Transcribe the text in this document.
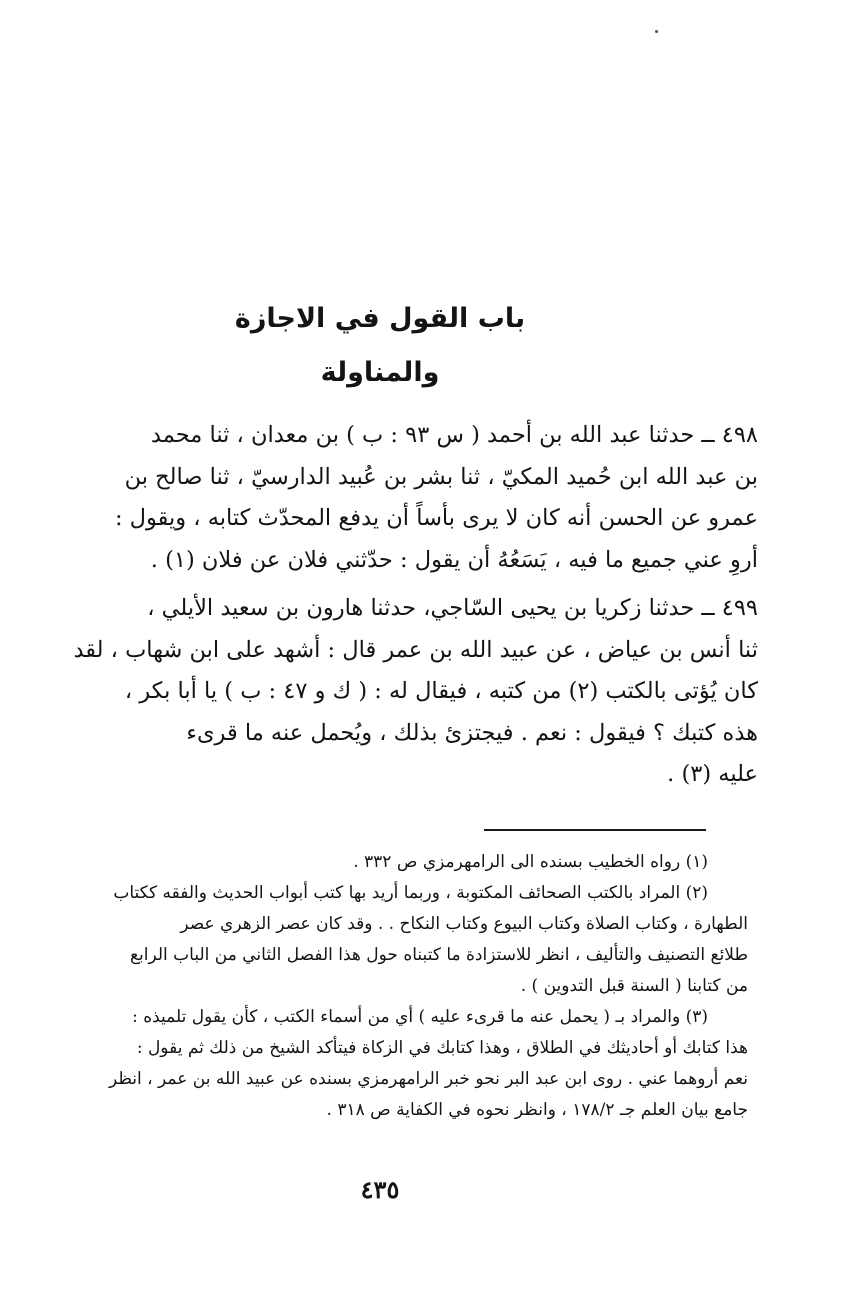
باب القول في الاجازة والمناولة
٤٩٨ ــ حدثنا عبد الله بن أحمد ( س ٩٣ : ب ) بن معدان ، ثنا محمد
بن عبد الله ابن حُميد المكيّ ، ثنا بشر بن عُبيد الدارسيّ ، ثنا صالح بن
عمرو عن الحسن أنه كان لا يرى بأساً أن يدفع المحدّث كتابه ، ويقول :
أروِ عني جميع ما فيه ، يَسَعُهُ أن يقول : حدّثني فلان عن فلان (١) .
٤٩٩ ــ حدثنا زكريا بن يحيى السّاجي، حدثنا هارون بن سعيد الأيلي ،
ثنا أنس بن عياض ، عن عبيد الله بن عمر قال : أشهد على ابن شهاب ، لقد
كان يُؤتى بالكتب (٢) من كتبه ، فيقال له : ( ك و ٤٧ : ب ) يا أبا بكر ،
هذه كتبك ؟ فيقول : نعم . فيجتزئ بذلك ، ويُحمل عنه ما قرىء
عليه (٣) .
(١) رواه الخطيب بسنده الى الرامهرمزي ص ٣٣٢ .
(٢) المراد بالكتب الصحائف المكتوبة ، وربما أريد بها كتب أبواب الحديث والفقه ككتاب
الطهارة ، وكتاب الصلاة وكتاب البيوع وكتاب النكاح . . وقد كان عصر الزهري عصر
طلائع التصنيف والتأليف ، انظر للاستزادة ما كتبناه حول هذا الفصل الثاني من الباب الرابع
من كتابنا ( السنة قبل التدوين ) .
(٣) والمراد بـ ( يحمل عنه ما قرىء عليه ) أي من أسماء الكتب ، كأن يقول تلميذه :
هذا كتابك أو أحاديثك في الطلاق ، وهذا كتابك في الزكاة فيتأكد الشيخ من ذلك ثم يقول :
نعم أروهما عني . روى ابن عبد البر نحو خبر الرامهرمزي بسنده عن عبيد الله بن عمر ، انظر
جامع بيان العلم جـ ١٧٨/٢ ، وانظر نحوه في الكفاية ص ٣١٨ .
٤٣٥
